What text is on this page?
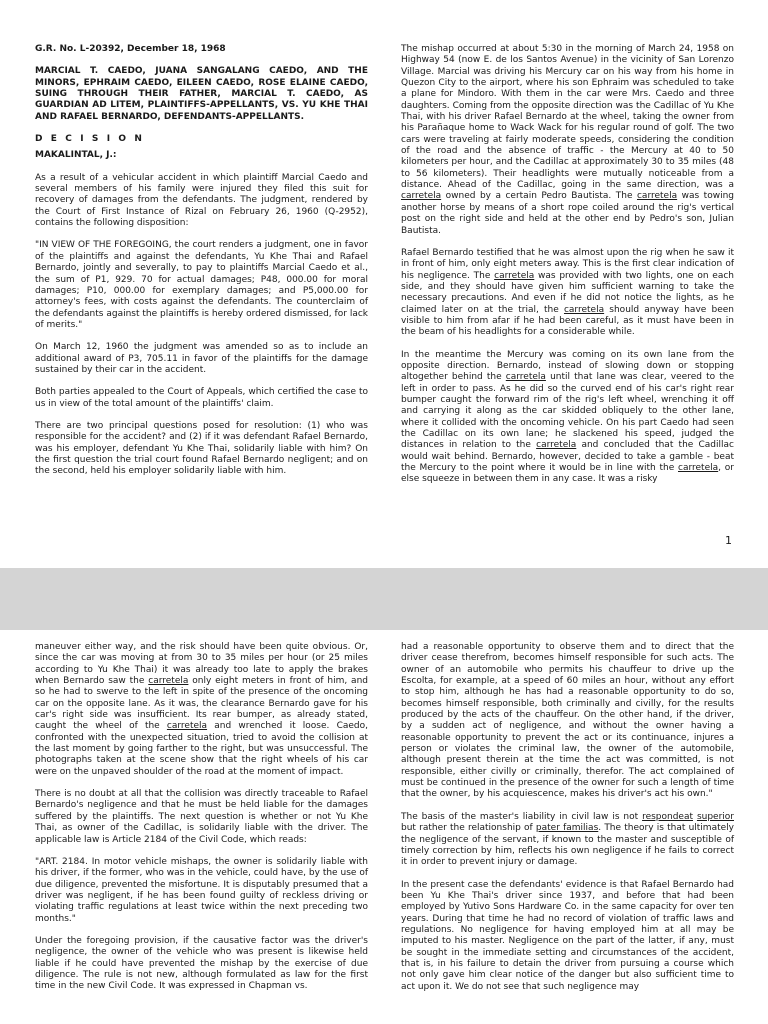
G.R. No. L-20392, December 18, 1968

MARCIAL T. CAEDO, JUANA SANGALANG CAEDO, AND THE MINORS, EPHRAIM CAEDO, EILEEN CAEDO, ROSE ELAINE CAEDO, SUING THROUGH THEIR FATHER, MARCIAL T. CAEDO, AS GUARDIAN AD LITEM, PLAINTIFFS-APPELLANTS, VS. YU KHE THAI AND RAFAEL BERNARDO, DEFENDANTS-APPELLANTS.

D E C I S I O N

MAKALINTAL, J.:

As a result of a vehicular accident in which plaintiff Marcial Caedo and several members of his family were injured they filed this suit for recovery of damages from the defendants. The judgment, rendered by the Court of First Instance of Rizal on February 26, 1960 (Q-2952), contains the following disposition:

"IN VIEW OF THE FOREGOING, the court renders a judgment, one in favor of the plaintiffs and against the defendants, Yu Khe Thai and Rafael Bernardo, jointly and severally, to pay to plaintiffs Marcial Caedo et al., the sum of P1, 929. 70 for actual damages; P48, 000.00 for moral damages; P10, 000.00 for exemplary damages; and P5,000.00 for attorney's fees, with costs against the defendants. The counterclaim of the defendants against the plaintiffs is hereby ordered dismissed, for lack of merits."

On March 12, 1960 the judgment was amended so as to include an additional award of P3, 705.11 in favor of the plaintiffs for the damage sustained by their car in the accident.

Both parties appealed to the Court of Appeals, which certified the case to us in view of the total amount of the plaintiffs' claim.

There are two principal questions posed for resolution: (1) who was responsible for the accident? and (2) if it was defendant Rafael Bernardo, was his employer, defendant Yu Khe Thai, solidarily liable with him? On the first question the trial court found Rafael Bernardo negligent; and on the second, held his employer solidarily liable with him.

The mishap occurred at about 5:30 in the morning of March 24, 1958 on Highway 54 (now E. de los Santos Avenue) in the vicinity of San Lorenzo Village. Marcial was driving his Mercury car on his way from his home in Quezon City to the airport, where his son Ephraim was scheduled to take a plane for Mindoro. With them in the car were Mrs. Caedo and three daughters. Coming from the opposite direction was the Cadillac of Yu Khe Thai, with his driver Rafael Bernardo at the wheel, taking the owner from his Parañaque home to Wack Wack for his regular round of golf. The two cars were traveling at fairly moderate speeds, considering the condition of the road and the absence of traffic - the Mercury at 40 to 50 kilometers per hour, and the Cadillac at approximately 30 to 35 miles (48 to 56 kilometers). Their headlights were mutually noticeable from a distance. Ahead of the Cadillac, going in the same direction, was a carretela owned by a certain Pedro Bautista. The carretela was towing another horse by means of a short rope coiled around the rig's vertical post on the right side and held at the other end by Pedro's son, Julian Bautista.

Rafael Bernardo testified that he was almost upon the rig when he saw it in front of him, only eight meters away. This is the first clear indication of his negligence. The carretela was provided with two lights, one on each side, and they should have given him sufficient warning to take the necessary precautions. And even if he did not notice the lights, as he claimed later on at the trial, the carretela should anyway have been visible to him from afar if he had been careful, as it must have been in the beam of his headlights for a considerable while.

In the meantime the Mercury was coming on its own lane from the opposite direction. Bernardo, instead of slowing down or stopping altogether behind the carretela until that lane was clear, veered to the left in order to pass. As he did so the curved end of his car's right rear bumper caught the forward rim of the rig's left wheel, wrenching it off and carrying it along as the car skidded obliquely to the other lane, where it collided with the oncoming vehicle. On his part Caedo had seen the Cadillac on its own lane; he slackened his speed, judged the distances in relation to the carretela and concluded that the Cadillac would wait behind. Bernardo, however, decided to take a gamble - beat the Mercury to the point where it would be in line with the carretela, or else squeeze in between them in any case. It was a risky

1

maneuver either way, and the risk should have been quite obvious. Or, since the car was moving at from 30 to 35 miles per hour (or 25 miles according to Yu Khe Thai) it was already too late to apply the brakes when Bernardo saw the carretela only eight meters in front of him, and so he had to swerve to the left in spite of the presence of the oncoming car on the opposite lane. As it was, the clearance Bernardo gave for his car's right side was insufficient. Its rear bumper, as already stated, caught the wheel of the carretela and wrenched it loose. Caedo, confronted with the unexpected situation, tried to avoid the collision at the last moment by going farther to the right, but was unsuccessful. The photographs taken at the scene show that the right wheels of his car were on the unpaved shoulder of the road at the moment of impact.

There is no doubt at all that the collision was directly traceable to Rafael Bernardo's negligence and that he must be held liable for the damages suffered by the plaintiffs. The next question is whether or not Yu Khe Thai, as owner of the Cadillac, is solidarily liable with the driver. The applicable law is Article 2184 of the Civil Code, which reads:

"ART. 2184. In motor vehicle mishaps, the owner is solidarily liable with his driver, if the former, who was in the vehicle, could have, by the use of due diligence, prevented the misfortune. It is disputably presumed that a driver was negligent, if he has been found guilty of reckless driving or violating traffic regulations at least twice within the next preceding two months."

Under the foregoing provision, if the causative factor was the driver's negligence, the owner of the vehicle who was present is likewise held liable if he could have prevented the mishap by the exercise of due diligence. The rule is not new, although formulated as law for the first time in the new Civil Code. It was expressed in Chapman vs.

had a reasonable opportunity to observe them and to direct that the driver cease therefrom, becomes himself responsible for such acts. The owner of an automobile who permits his chauffeur to drive up the Escolta, for example, at a speed of 60 miles an hour, without any effort to stop him, although he has had a reasonable opportunity to do so, becomes himself responsible, both criminally and civilly, for the results produced by the acts of the chauffeur. On the other hand, if the driver, by a sudden act of negligence, and without the owner having a reasonable opportunity to prevent the act or its continuance, injures a person or violates the criminal law, the owner of the automobile, although present therein at the time the act was committed, is not responsible, either civilly or criminally, therefor. The act complained of must be continued in the presence of the owner for such a length of time that the owner, by his acquiescence, makes his driver's act his own."

The basis of the master's liability in civil law is not respondeat superior but rather the relationship of pater familias. The theory is that ultimately the negligence of the servant, if known to the master and susceptible of timely correction by him, reflects his own negligence if he fails to correct it in order to prevent injury or damage.

In the present case the defendants' evidence is that Rafael Bernardo had been Yu Khe Thai's driver since 1937, and before that had been employed by Yutivo Sons Hardware Co. in the same capacity for over ten years. During that time he had no record of violation of traffic laws and regulations. No negligence for having employed him at all may be imputed to his master. Negligence on the part of the latter, if any, must be sought in the immediate setting and circumstances of the accident, that is, in his failure to detain the driver from pursuing a course which not only gave him clear notice of the danger but also sufficient time to act upon it. We do not see that such negligence may
